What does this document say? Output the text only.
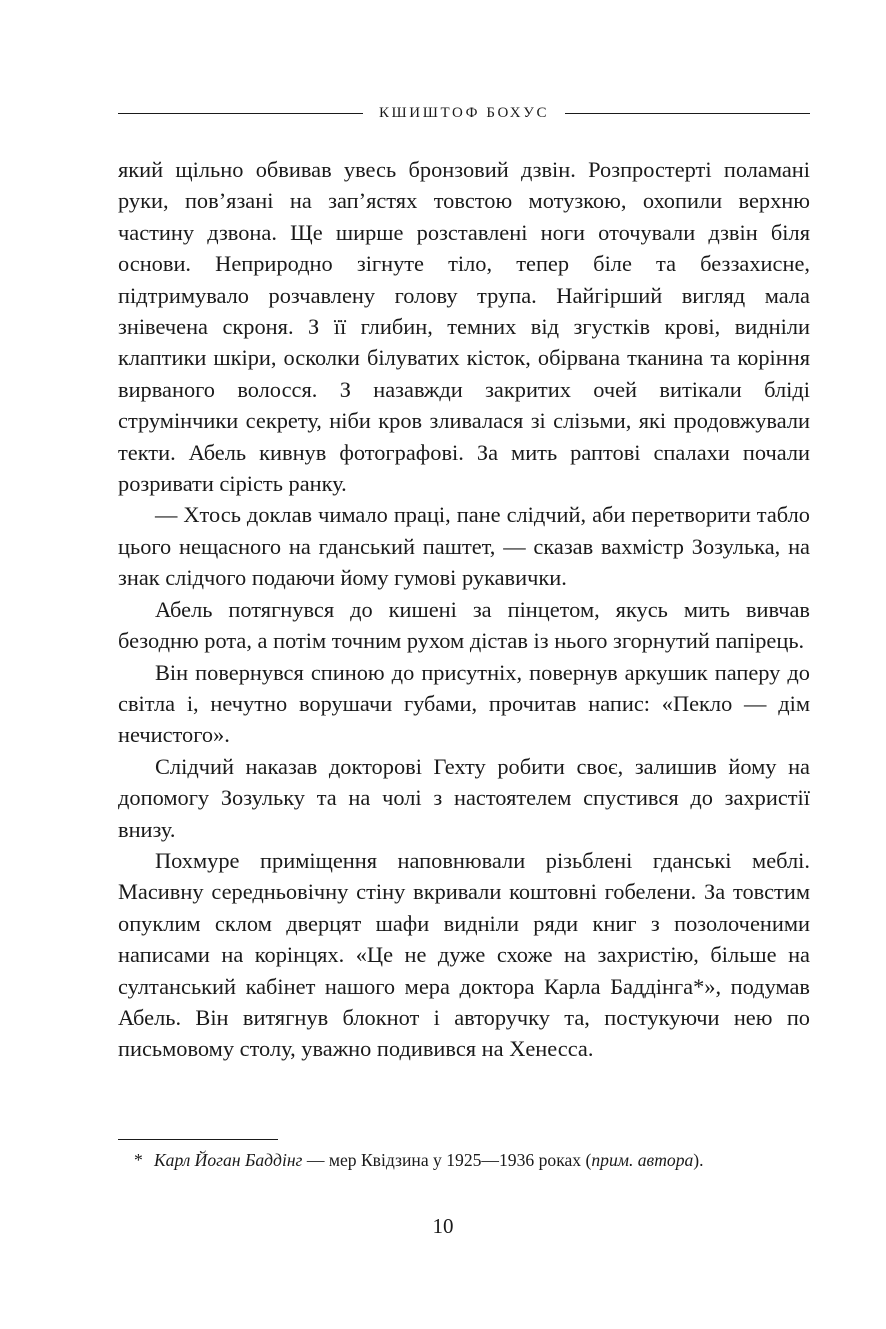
КШИШТОФ БОХУС

який щільно обвивав увесь бронзовий дзвін. Розпростерті поламані руки, пов’язані на зап’ястях товстою мотузкою, охопили верхню частину дзвона. Ще ширше розставлені ноги оточували дзвін біля основи. Неприродно зігнуте тіло, тепер біле та беззахисне, підтримувало розчавлену голову трупа. Найгірший вигляд мала знівечена скроня. З її глибин, темних від згустків крові, видніли клаптики шкіри, осколки білуватих кісток, обірвана тканина та коріння вирваного волосся. З назавжди закритих очей витікали бліді струмінчики секрету, ніби кров зливалася зі слізьми, які продовжували текти. Абель кивнув фотографові. За мить раптові спалахи почали розривати сірість ранку.

— Хтось доклав чимало праці, пане слідчий, аби перетворити табло цього нещасного на гданський паштет, — сказав вахмістр Зозулька, на знак слідчого подаючи йому гумові рукавички.

Абель потягнувся до кишені за пінцетом, якусь мить вивчав безодню рота, а потім точним рухом дістав із нього згорнутий папірець.

Він повернувся спиною до присутніх, повернув аркушик паперу до світла і, нечутно ворушачи губами, прочитав напис: «Пекло — дім нечистого».

Слідчий наказав докторові Гехту робити своє, залишив йому на допомогу Зозульку та на чолі з настоятелем спустився до захристії внизу.

Похмуре приміщення наповнювали різьблені гданські меблі. Масивну середньовічну стіну вкривали коштовні гобелени. За товстим опуклим склом дверцят шафи видніли ряди книг з позолоченими написами на корінцях. «Це не дуже схоже на захристію, більше на султанський кабінет нашого мера доктора Карла Баддінга*», подумав Абель. Він витягнув блокнот і авторучку та, постукуючи нею по письмовому столу, уважно подивився на Хенесса.

* Карл Йоган Баддінг — мер Квідзина у 1925—1936 роках (прим. автора).
10
